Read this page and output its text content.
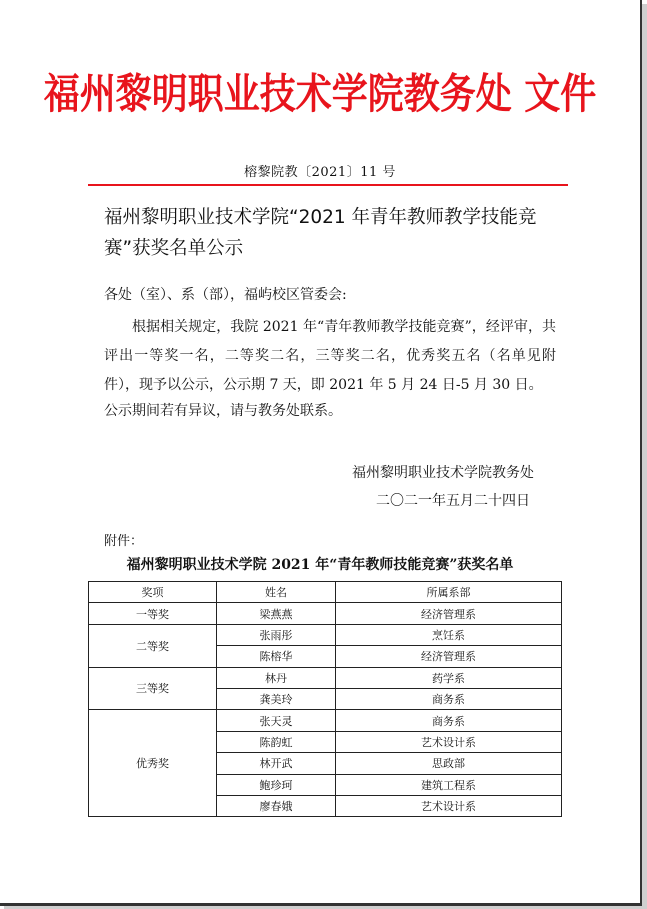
福州黎明职业技术学院教务处 文件
榕黎院教〔2021〕11 号
福州黎明职业技术学院“2021 年青年教师教学技能竞赛”获奖名单公示
各处（室）、系（部），福屿校区管委会:
根据相关规定，我院 2021 年“青年教师教学技能竞赛”，经评审，共评出一等奖一名，二等奖二名，三等奖二名，优秀奖五名（名单见附件），现予以公示，公示期 7 天，即 2021 年 5 月 24 日-5 月 30 日。
公示期间若有异议，请与教务处联系。
福州黎明职业技术学院教务处
二〇二一年五月二十四日
附件：
福州黎明职业技术学院 2021 年“青年教师技能竞赛”获奖名单
奖项	姓名	所属系部
一等奖	梁燕燕	经济管理系
二等奖	张雨彤	烹饪系
	陈榕华	经济管理系
三等奖	林丹	药学系
	龚美玲	商务系
优秀奖	张天灵	商务系
	陈韵虹	艺术设计系
	林开武	思政部
	鲍珍珂	建筑工程系
	廖春娥	艺术设计系
